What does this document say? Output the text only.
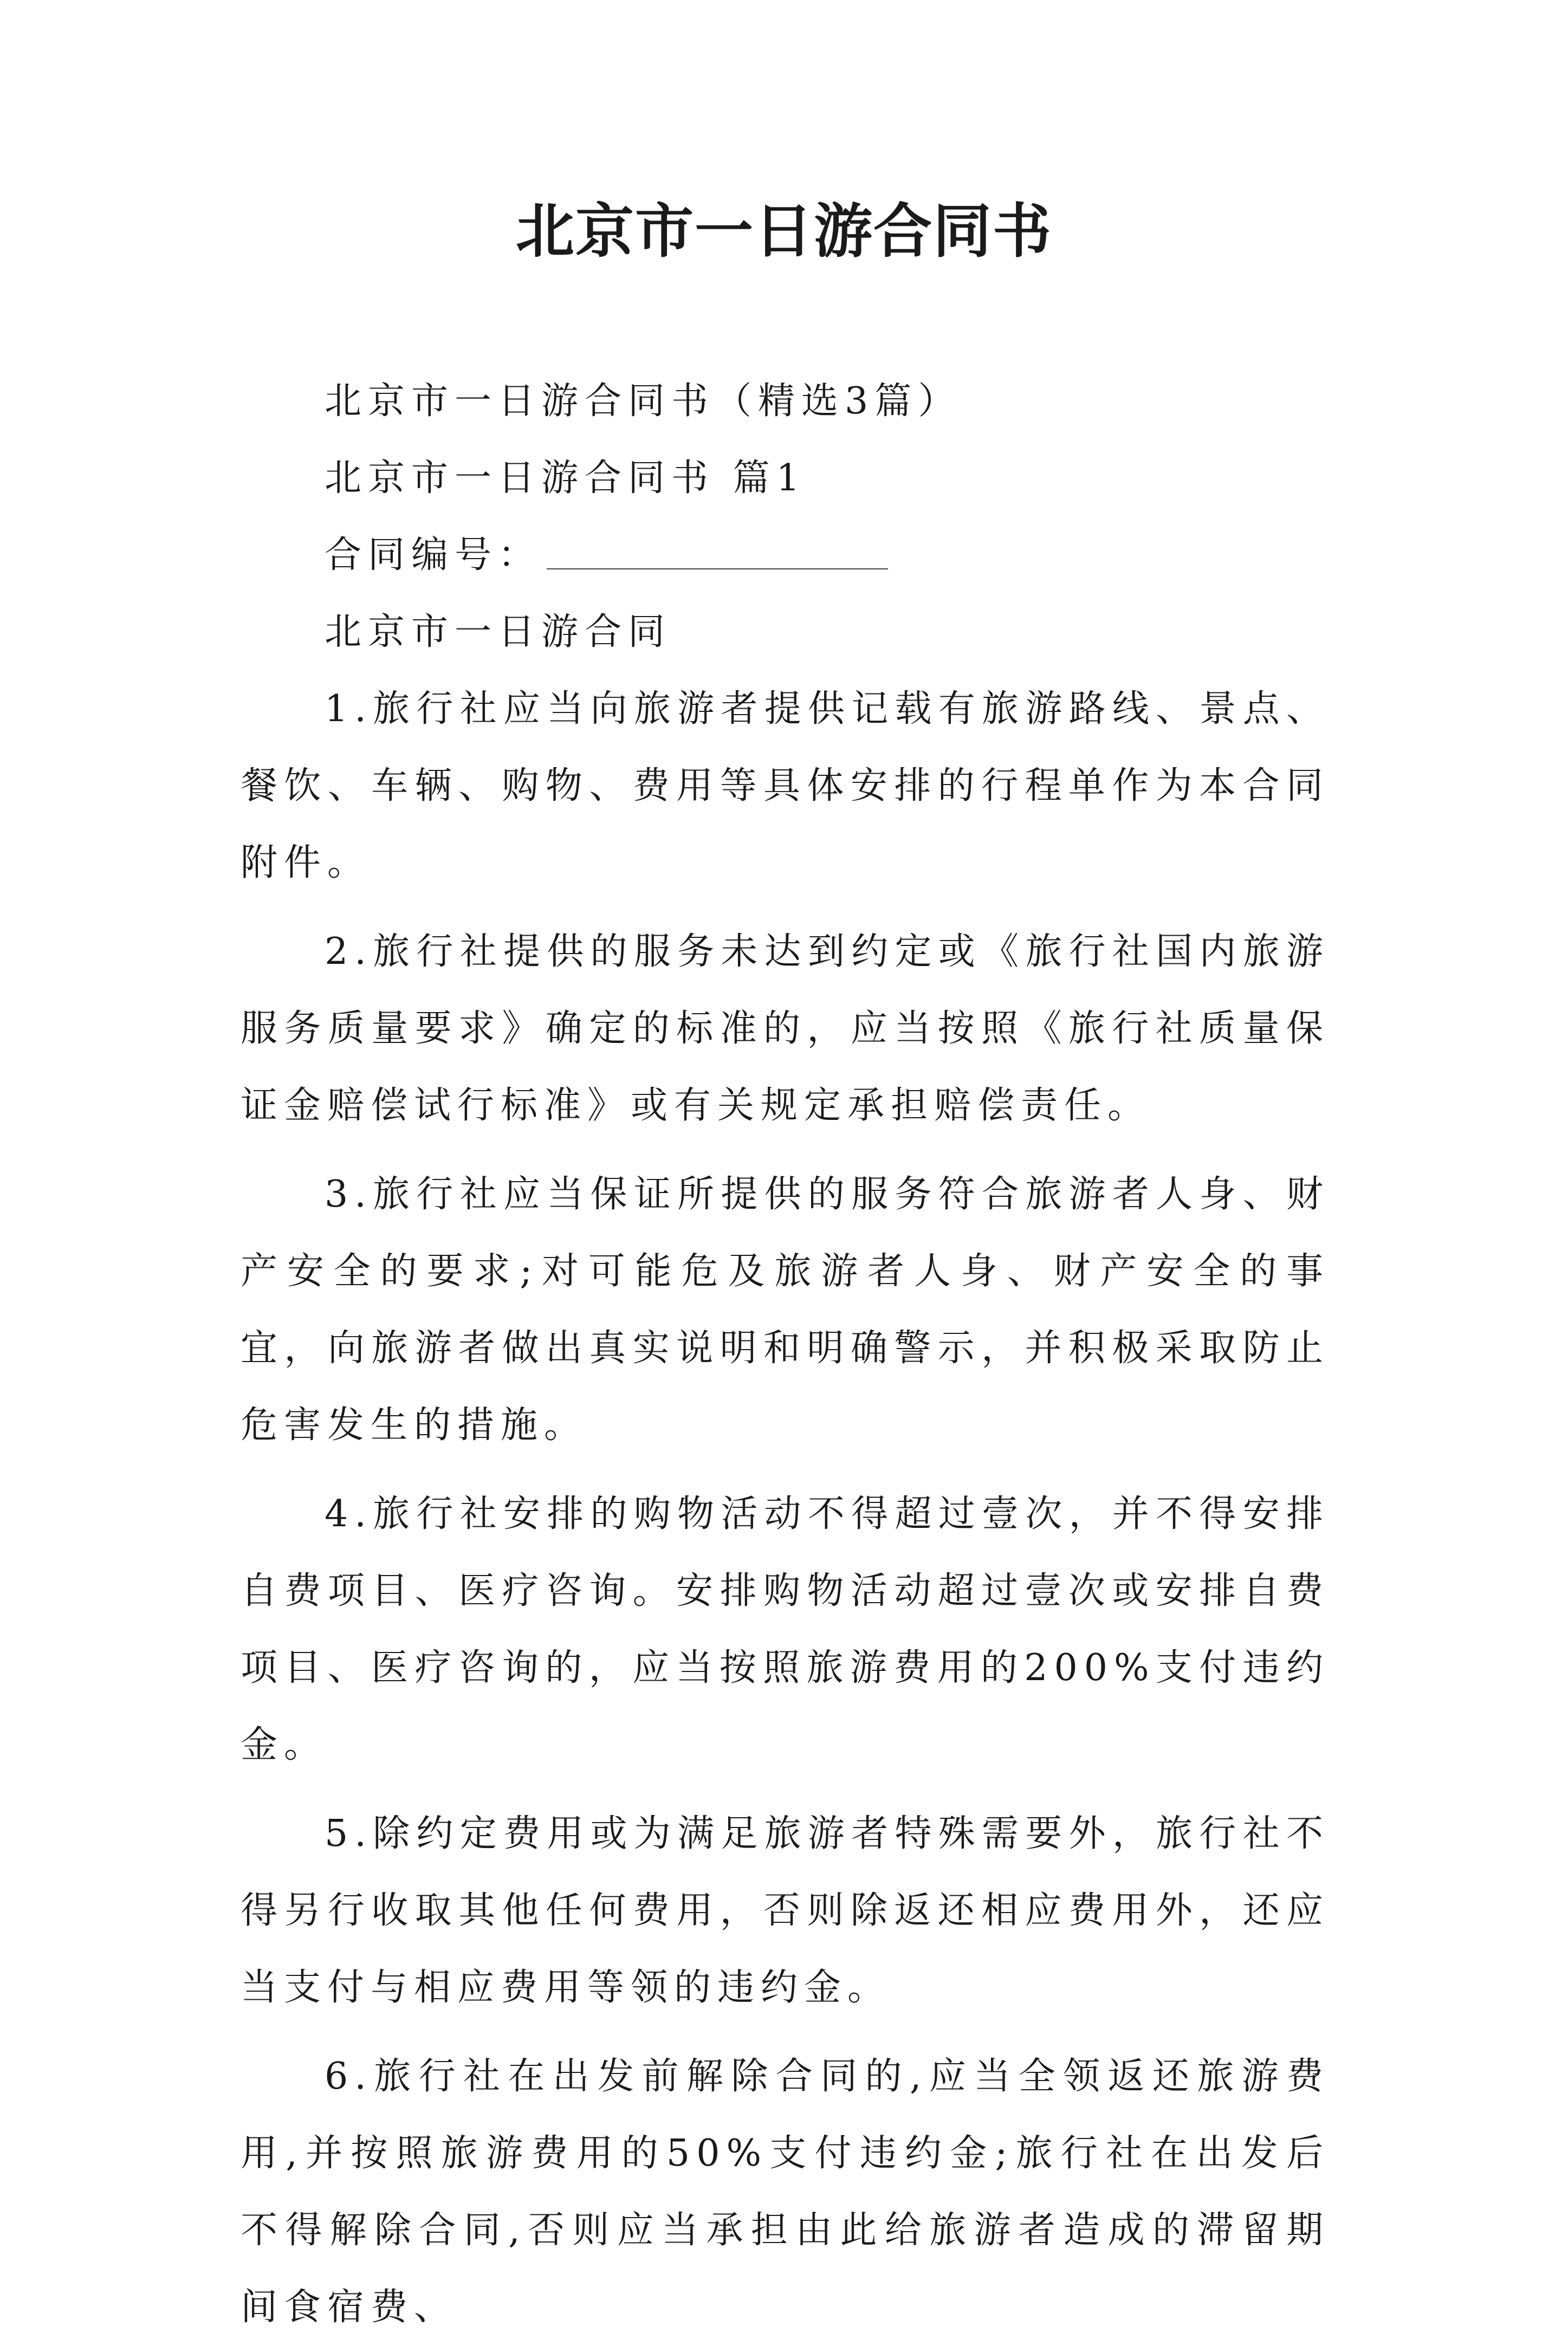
北京市一日游合同书

北京市一日游合同书（精选3篇）

北京市一日游合同书 篇1

合同编号：

北京市一日游合同

1.旅行社应当向旅游者提供记载有旅游路线、景点、餐饮、车辆、购物、费用等具体安排的行程单作为本合同附件。

2.旅行社提供的服务未达到约定或《旅行社国内旅游服务质量要求》确定的标准的，应当按照《旅行社质量保证金赔偿试行标准》或有关规定承担赔偿责任。

3.旅行社应当保证所提供的服务符合旅游者人身、财产安全的要求;对可能危及旅游者人身、财产安全的事宜，向旅游者做出真实说明和明确警示，并积极采取防止危害发生的措施。

4.旅行社安排的购物活动不得超过壹次，并不得安排自费项目、医疗咨询。安排购物活动超过壹次或安排自费项目、医疗咨询的，应当按照旅游费用的200%支付违约金。

5.除约定费用或为满足旅游者特殊需要外，旅行社不得另行收取其他任何费用，否则除返还相应费用外，还应当支付与相应费用等领的违约金。

6.旅行社在出发前解除合同的,应当全领返还旅游费用,并按照旅游费用的50%支付违约金;旅行社在出发后不得解除合同,否则应当承担由此给旅游者造成的滞留期间食宿费、
